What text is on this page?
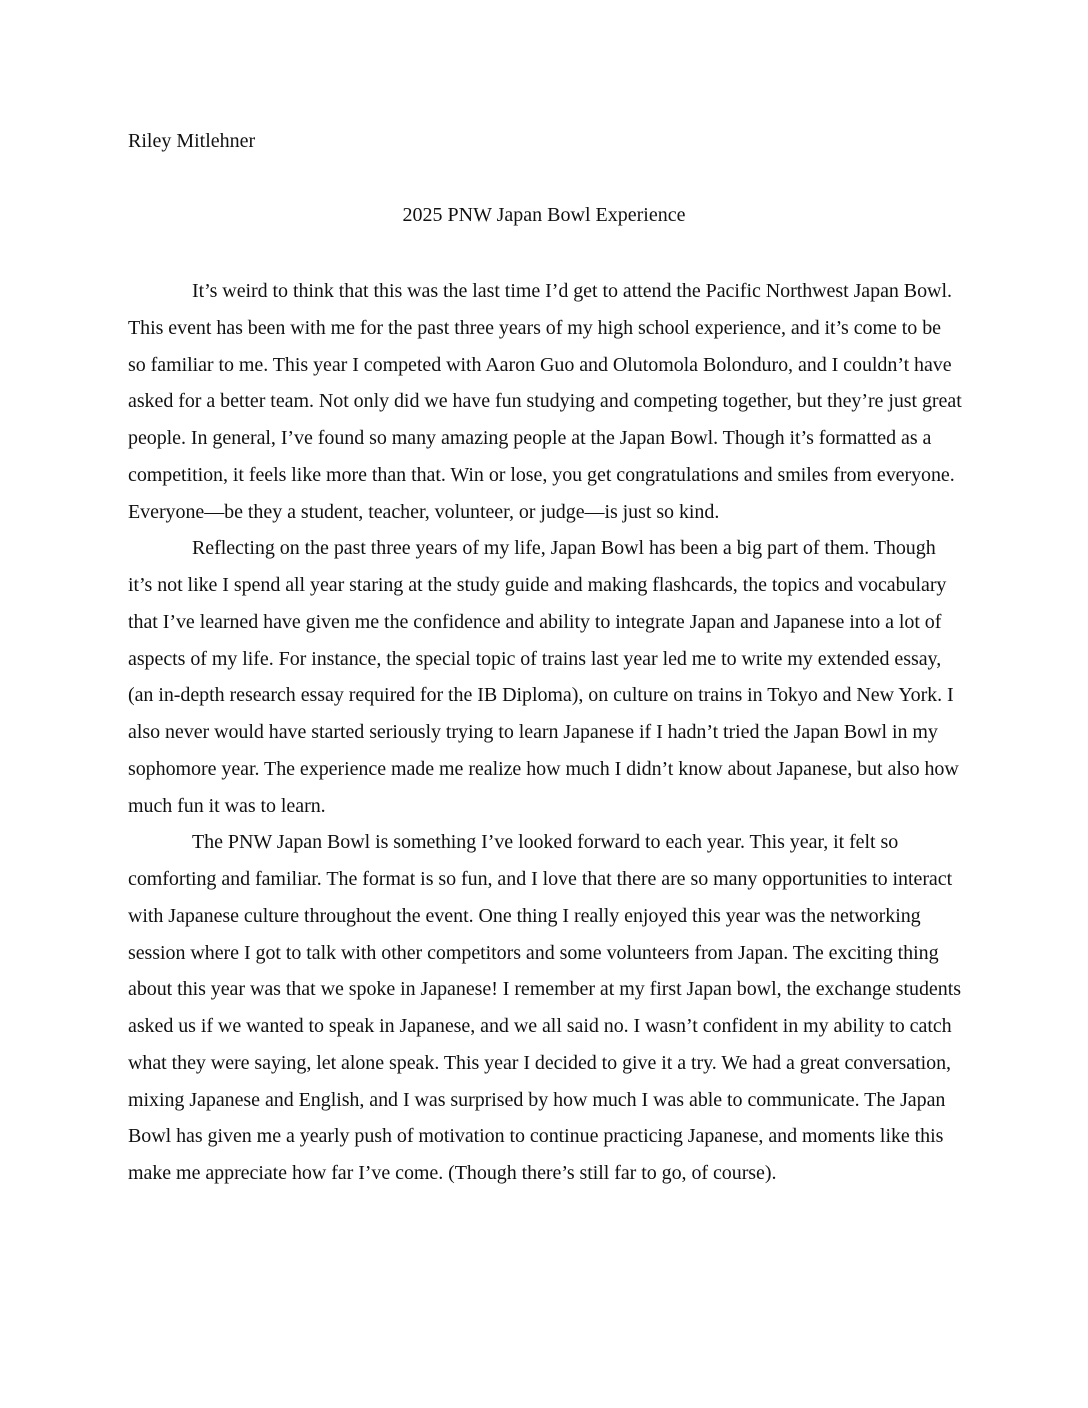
Riley Mitlehner

2025 PNW Japan Bowl Experience

It’s weird to think that this was the last time I’d get to attend the Pacific Northwest Japan Bowl. This event has been with me for the past three years of my high school experience, and it’s come to be so familiar to me. This year I competed with Aaron Guo and Olutomola Bolonduro, and I couldn’t have asked for a better team. Not only did we have fun studying and competing together, but they’re just great people. In general, I’ve found so many amazing people at the Japan Bowl. Though it’s formatted as a competition, it feels like more than that. Win or lose, you get congratulations and smiles from everyone. Everyone—be they a student, teacher, volunteer, or judge—is just so kind.

Reflecting on the past three years of my life, Japan Bowl has been a big part of them. Though it’s not like I spend all year staring at the study guide and making flashcards, the topics and vocabulary that I’ve learned have given me the confidence and ability to integrate Japan and Japanese into a lot of aspects of my life. For instance, the special topic of trains last year led me to write my extended essay, (an in-depth research essay required for the IB Diploma), on culture on trains in Tokyo and New York. I also never would have started seriously trying to learn Japanese if I hadn’t tried the Japan Bowl in my sophomore year. The experience made me realize how much I didn’t know about Japanese, but also how much fun it was to learn.

The PNW Japan Bowl is something I’ve looked forward to each year. This year, it felt so comforting and familiar. The format is so fun, and I love that there are so many opportunities to interact with Japanese culture throughout the event. One thing I really enjoyed this year was the networking session where I got to talk with other competitors and some volunteers from Japan. The exciting thing about this year was that we spoke in Japanese! I remember at my first Japan bowl, the exchange students asked us if we wanted to speak in Japanese, and we all said no. I wasn’t confident in my ability to catch what they were saying, let alone speak. This year I decided to give it a try. We had a great conversation, mixing Japanese and English, and I was surprised by how much I was able to communicate. The Japan Bowl has given me a yearly push of motivation to continue practicing Japanese, and moments like this make me appreciate how far I’ve come. (Though there’s still far to go, of course).
